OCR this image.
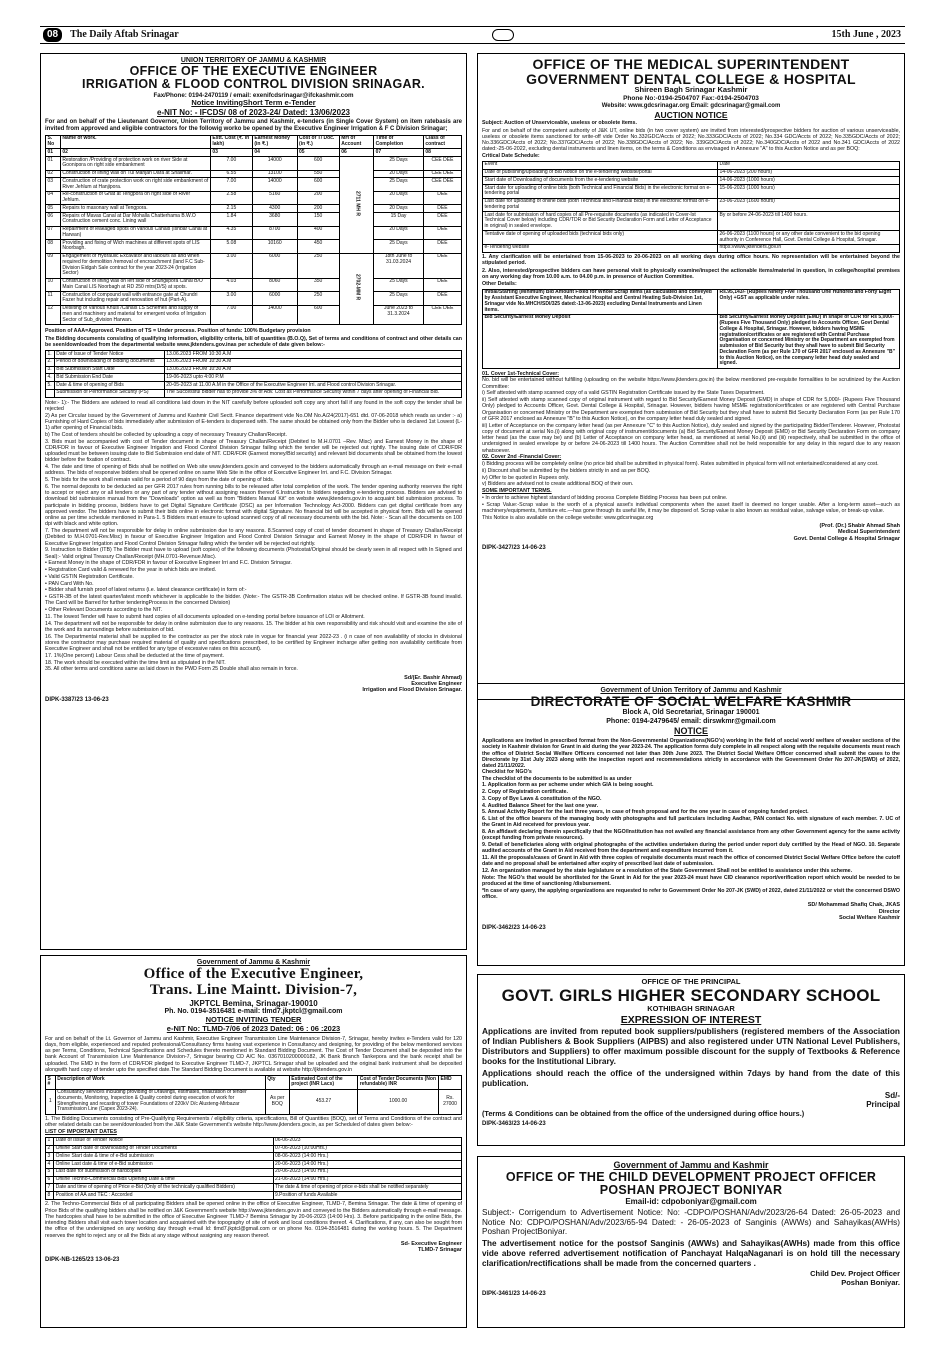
08	The Daily Aftab Srinagar	15th June , 2023
UNION TERRITORY OF JAMMU & KASHMIR
OFFICE OF THE EXECUTIVE ENGINEER
IRRIGATION & FLOOD CONTROL DIVISION SRINAGAR.
Fax/Phone: 0194-2470119 / email: exenifcdsrinagar@ifckashmir.com
Notice InvitingShort Term e-Tender
e-NIT No: - IFCDS/ 08 of 2023-24/ Dated: 13/06/2023
For and on behalf of the Lieutenant Governor, Union Territory of Jammu and Kashmir, e-tenders (in Single Cover System) on item ratebasis are invited from approved and eligible contractors for the followig worko be opened by the Executive Engineer Irrigation & F C Division Srinagar;
S. No	Name of work.	Estt. Cost (₹. in lakh)	Earnest Money (in ₹.)	Cost of T/ Doc. (in ₹.)	MH of Account	Time of Completion	Class of contract
01	02	03	04	05	06	07	08
01	Restoration /Providing of protection work on river Side at Goonipora on right side embankment	7.00	14000	600	2711 MH R	25 Days	CEE DEE
02	Construction of lining wall on Tul Manjan Dara at Shalimar.	6.55	13100	550		20 Days	CEE DEE
03	Construction of crate protection work on right side embankment of River Jehlum at Hanjipora.	7.00	14000	600		25 Days	CEE DEE
04	Re-construction of Ghat at Tengpora on right side of River Jehlum.	2.58	5160	200		20 Days	DEE
05	Repairs to masonary wall at Tengpora.	2.15	4300	200		20 Days	DEE
06	Repairs of Mavas Canal at Dar Mohalla Chatterhama B.W.O Construction cement conc. Lining wall	1.84	3680	150		15 Day	DEE
07	Repairment of leakaged spots on various Canals (Ishbar Canal at Harwan)	4.35	8700	400		20 Days	DEE
08	Providing and fixing of Wich machines at different spots of LIS Noorbagh.	5.08	10160	450		25 Days	DEE
09	Engagement of Hydraulic Excavator and labours as and when required for demolition /removal of encroachment (land F.C Sub-Division Eidgah Sale contract for the year 2023-24 (Irrigation Sector)	3.00	6000	250	2702-MM R	18th June to 31.03.2024	DEE
10	Construction of lining wall on left side of Shunglipora Canal B/O Main Canal LIS Noorbagh at RD 250 mtrs(D/S) at spots.	4.03	8060	350		25 Days	DEE
11	Construction of compound wall with entrance gate at Chundri Fazer hut including repair and renovation of hut (Part-A).	3.00	6000	250		25 Days	DEE
12	Desilting of Various Khuls /Canals LS Schemes and supply of men and machinery and material for emergent works of Irrigation Sector of Sub_division Harwan.	7.00	14000	600		June 2023 to 31.3.2024	CEE DEE
Position of AAA=Approved. Position of TS = Under process. Position of funds: 100% Budgetary provision
The Bidding documents consisting of qualifying information, eligibility criteria, bill of quantities (B.O.Q), Set of terms and conditions of contract and other details can be seen/downloaded from the departmental website www.jktenders.gov.inas per schedule of date given below:-
1.	Date of Issue of Tender Notice	13.06.2023 FROM 10:30 A.M
2.	Period of downloading of bidding documents	13.06.2023 FROM 10:30 A.M
3.	Bid Submission Start Date	13.06.2023 FROM 10:30 A.M
4.	Bid Submission End Date	19-06-2023 upto 4:00 P.M
5.	Date & time of opening of Bids	20-05-2023 at 11.00 A.M in the Office of the Executive Engineer Irri. and Flood control Division Srinagar.
	Submission of Performance Security (PS)	The Successful bidder has to provide 3% of Adv. Cost as Performance Security within 7 days after opening of Financial Bid.
Note:- 1):- The Bidders are advised to read all conditions laid down in the NIT carefully before uploaded soft copy any short fall if any found in the soft copy the tender shall be rejected
2) As per Circular issued by the Government of Jammu and Kashmir Civil Sectt. Finance department vide No.OM No.A/24(2017)-651 dtd. 07-06-2018 which reads as under :- a) Furnishing of Hard Copies of bids immediately after submission of E-tenders is dispensed with. The same should be obtained only from the Bidder who is declared 1st Lowest (L-1) after opening of Financial bids.
b) The Cost of tenders should be collected by uploading a copy of necessary Treasury Challan/Receipt.
3. Bids must be accompanied with cost of Tender document in shape of Treasury Challan/Receipt (Debited to M.H.0701 –Rev. Misc) and Earnest Money in the shape of CDR/FDR in favour of Executive Engineer Irrigation and Flood Control Division Srinagar failing which the tender will be rejected out rightly. The issuing date of CDR/FDR uploaded must be between issuing date to Bid Submission end date of NIT. CDR/FDR (Earnest money/Bid security) and relevant bid documents shall be obtained from the lowest bidder before the fixation of contract.
4. The date and time of opening of Bids shall be notified on Web site www.jktenders.gov.in and conveyed to the bidders automatically through an e-mail message on their e-mail address. The bids of responsive bidders shall be opened online on same Web Site in the office of Executive Engineer Irri. and F.C. Division Srinagar.
5. The bids for the work shall remain valid for a period of 90 days from the date of opening of bids.
6. The normal deposits to be deducted as per GFR 2017 rules from running bills to be released after total completion of the work. The tender opening authority reserves the right to accept or reject any or all tenders or any part of any tender without assigning reason thereof 6.Instruction to bidders regarding e-tendering process. Bidders are advised to download bid submission manual from the "Downloads" option as well as from "Bidders Manual Kit" on website www.jktenders.gov.in to acquaint bid submission process. To participate in bidding process, bidders have to get Digital Signature Certificate (DSC) as per Information Technology Act-2000. Bidders can get digital certificate from any approved vendor. The bidders have to submit their bids online in electronic format with digital Signature. No financial bid will be accepted in physical form. Bids will be opened online as per time schedule mentioned in Para-1. 5 Bidders must ensure to upload scanned copy of all necessary documents with the bid. Note: - Scan all the documents on 100 dpi with black and white option.
7. The department will not be responsible for delay in online submission due to any reasons. 8.Scanned copy of cost of tender document in shape of Treasury Challan/Receipt (Debited to M.H.0701-Rev.Misc) in favour of Executive Engineer Irrigation and Flood Control Division Srinagar and Earnest Money in the shape of CDR/FDR in favour of Executive Engineer Irrigation and Flood Control Division Srinagar failing which the tender will be rejected out rightly.
9. Instruction to Bidder (ITB) The Bidder must have to upload (soft copies) of the following documents (Photostat/Original should be clearly seen in all respect with In Signed and Seal):- Valid original Treasury Challan/Receipt (MH.0701-Revenue.Misc).
• Earnest Money in the shape of CDR/FDR in favour of Executive Engineer Irri and F.C. Division Srinagar.
• Registration Card valid & renewed for the year in which bids are invited.
• Valid GSTIN Registration Certificate.
• PAN Card With No.
• Bidder shall furnish proof of latest returns (i.e. latest clearance certificate) in form of:-
• GSTR-3B of the latest quarter/latest month whichever is applicable to the bidder. (Note:- The GSTR-3B Confirmation status will be checked online. If GSTR-3B found invalid. The Card will be Barred for further tenderingProcess in the concerned Division)
• Other Relevant Documents according to the NIT.
11. The lowest Tender will have to submit hard copies of all documents uploaded on e-tending portal before issuance of LOI or Allotment.
14. The department will not be responsible for delay in online submission due to any reasons. 15. The bidder at his own responsibility and risk should visit and examine the site of the work and its surroundings before submission of bid.
16. The Departmental material shall be supplied to the contractor as per the stock rate in vogue for financial year 2022-23 . (i n case of non availability of stocks in divisional stores the contractor may purchase required material of quality and specifications prescribed, to be certified by Engineer incharge after getting non availability certificate from Executive Engineer and shall not be entitled for any type of excessive rates on this account).
17. 1%(One percent) Labour Cess shall be deducted at the time of payment.
18. The work should be executed within the time limit as stipulated in the NIT.
35. All other terms and conditions same as laid down in the PWD Form 25 Double shall also remain in force.
Sd/(Er. Bashir Ahmad)
Executive Engineer
Irrigation and Flood Division Srinagar.
DIPK-3387/23 13-06-23
Government of Jammu & Kashmir
Office of the Executive Engineer,
Trans. Line Maintt. Division-7,
JKPTCL Bemina, Srinagar-190010
Ph. No. 0194-3516481 e-mail: tlmd7.jkptcl@gmail.com
NOTICE INVITING TENDER
e-NIT No: TLMD-7/06 of 2023 Dated: 06 : 06 :2023
For and on behalf of the Lt. Governor of Jammu and Kashmir, Executive Engineer Transmission Line Maintenance Division-7, Srinagar, hereby invites e-Tenders valid for 120 days, from eligible, experienced and reputed professional/Consultancy firms having vast experience in Consultancy and designing, for providing of the below mentioned services as per Terms, Conditions, Technical Specifications and Schedules thereto mentioned in Standard Bidding Document. The Cost of Tender Document shall be deposited into the bank Account of Transmission Line Maintenance Division-7, Srinagar bearing CD A/C No. 0367010200000182, JK Bank Branch Tankepora and the bank receipt shall be uploaded. The EMD in the form of CDR/FDR pledged to Executive Engineer TLMD-7, JKPTCL Srinagar shall be uploaded and the original bank instrument shall be deposited alongwith hard copy of tender upto the specified date.The Standard Bidding Document is available at website http://jktenders.gov.in
S #	Description of Work	Qty	Estimated Cost of the project (INR Lacs)	Cost of Tender Documents (Non refundable) INR	EMD
1	Consultancy services including providing of Drawings, estimates, finalization of tender documents, Monitoring, Inspection & Quality control during execution of work for Strengthening and recasting of tower Foundations of 220kV D/c Alusteng-Mirbazar Transmission Line (Capex 2023-24).	As per BOQ	453.27	1000.00	Rs. 27000
1. The Bidding Documents consisting of Pre-Qualifying Requirements / eligibility criteria, specifications, Bill of Quantities (BOQ), set of Terms and Conditions of the contract and other related details can be seen/downloaded from the J&K State Government's website http://www.jktenders.gov.in, as per Scheduled of dates given below:-
LIST OF IMPORTANT DATES
1	Date of Issue of Tender Notice	06-06-2023
2	Online Start date of downloading of Tender Documents	07-06-2023 (10:00Hrs.)
3	Online Start date & time of e-Bid submission	08-06-2023 (14:00 Hrs.)
4	Online Last date & time of e-Bid submission	20-06-2023 (14:00 Hrs.)
5	Last date for submission of hardcopies	20-06-2023 (14:00 Hrs.)
6	Online Techno-Commercial Bids Opening Date & time	21-06-2023 (14:00 Hrs.)
7	Date and time of opening of Price e-Bid (Only of the technically qualified Bidders)	The date & time of opening of price e-bids shall be notified separately
8	Position of AA and TEC : Accorded	9.Position of funds Available
2. The Techno-Commercial Bids of all participating Bidders shall be opened online in the office of Executive Engineer, TLMD-7, Bemina Srinagar. The date & time of opening of Price Bids of the qualifying bidders shall be notified on J&K Government's website http://www.jktenders.gov.in and conveyed to the Bidders automatically through e-mail message. The hardcopies shall have to be submitted in the office of Executive Engineer TLMD-7 Bemina Srinagar by 20-06-2023 (14:00 Hrs). 3. Before participating in the online Bids, the intending Bidders shall visit each tower location and acquainted with the topography of site of work and local conditions thereof. 4. Clarifications, if any, can also be sought from the office of the undersigned on any working day through e-mail Id: tlmd7.jkptcl@gmail.com or on phone No. 0194-3516481 during the working hours. 5. The Department reserves the right to reject any or all the Bids at any stage without assigning any reason thereof.
Sd- Executive Engineer
TLMD-7 Srinagar
DIPK-NB-1265/23 13-06-23
OFFICE OF THE MEDICAL SUPERINTENDENT
GOVERNMENT DENTAL COLLEGE & HOSPITAL
Shireen Bagh Srinagar Kashmir
Phone No:-0194-2504707 Fax:-0194-2504703
Website: www.gdcsrinagar.org Email: gdcsrinagar@gmail.com
AUCTION NOTICE
Subject: Auction of Unserviceable, useless or obsolete items.
For and on behalf of the competent authority of J&K UT, online bids (in two cover system) are invited from interested/prospective bidders for auction of various unserviceable, useless or obsolete items sanctioned for write-off vide Order No.332GDC/Accts of 2022; No.333GDC/Accts of 2022; No.334 GDC/Accts of 2022; No.335GDC/Accts of 2022; No.336GDC/Accts of 2022; No.337GDC/Accts of 2022; No.338GDC/Accts of 2022; No. 339GDC/Accts of 2022; No.340GDC/Accts of 2022 and No.341 GDC/Accts of 2022 dated:-25-06-2022, excluding dental instruments and linen items, on the terms & Conditions as envisaged in Annexure "A" to this Auction Notice and as per BOQ:
Critical Date Schedule:
Event	Date
Date of publishing/uploading of Bid Notice on the e-tendering website/portal	14-06-2023 (200 hours)
Start date of Downloading of documents from the e-tendering website	14-06-2023 (1000 hours)
Start date for uploading of online bids (both Technical and Financial Bids) in the electronic format on e-tendering portal	15-06-2023 (1000 hours)
Last date for uploading of online bids (both Technical and Financial Bids) in the electronic format on e-tendering portal	23-06-2023 (1600 hours)
Last date for submission of hard copies of all Pre-requisite documents (as indicated in Cover-Ist Technical Cover below) including CDR/TDR or Bid Security Declaration Form and Letter of Acceptance in original) in sealed envelope.	By or before 24-06-2023 till 1400 hours.
Tentative date of opening of uploaded bids (technical bids only)	26-06-2023 (1100 hours) or any other date convenient to the bid opening authority in Conference Hall, Govt. Dental College & Hospital, Srinagar.
e-Tendering website	https://www.jktenders.gov.in
1. Any clarification will be entertained from 15-06-2023 to 20-06-2023 on all working days during office hours. No representation will be entertained beyond the stipulated period.
2. Also, interested/prospective bidders can have personal visit to physically examine/inspect the actionable items/material in question, in college/hospital premises on any working day from 10.00 a.m. to 04.00 p.m. in presence of Auction Committee.
Other Details:
Initial/Starting (Minimum) Bid Amount Fixed for Whole Scrap items (as calculated and conveyed by Assistant Executive Engineer, Mechanical Hospital and Central Heating Sub-Division 1st, Srinagar vide No.MHCH/SDI/325 dated:-13-06-2023) excluding Dental Instruments and Linen items.	Rs.95,143/- (Rupees Ninety Five Thousand One Hundred and Forty Eight Only) +GST as applicable under rules.
Bid Security/Earnest Money Deposit	Bid Security/Earnest Money Deposit (EMD) in shape of CDR for Rs 5,000/- (Rupees Five Thousand Only) pledged to Accounts Officer, Govt Dental College & Hospital, Srinagar. However, bidders having MSME registration/certificates or are registered with Central Purchase Organisation or concerned Ministry or the Department are exempted from submission of Bid Security but they shall have to submit Bid Security Declaration Form (as per Rule 170 of GFR 2017 enclosed as Annexure "B" to this Auction Notice), on the company letter head duly sealed and signed.
01. Cover 1st-Technical Cover:
No. bid will be entertained without fulfilling (uploading on the website https://www.jktenders.gov.in) the below mentioned pre-requisite formalities to be scrutinized by the Auction Committee:
i) Self attested with stamp scanned copy of a valid GSTIN Registration Certificate issued by the State Taxes Department.
ii) Self attested with stamp scanned copy of original instrument with regard to Bid Security/Earnest Money Deposit (EMD) in shape of CDR for 5,000/- (Rupees Five Thousand Only) pledged to Accounts Officer, Govt. Dental College & Hospital, Srinagar. However, bidders having MSME registration/certificates or are registered with Central Purchase Organisation or concerned Ministry or the Department are exempted from submission of Bid Security but they shall have to submit Bid Security Declaration Form (as per Rule 170 of GFR 2017 enclosed as Annexure "B" to this Auction Notice), on the company letter head duly sealed and signed.
iii) Letter of Acceptance on the company letter head (as per Annexure "C" to this Auction Notice), duly sealed and signed by the participating Bidder/Tenderer. However, Photostat copy of document at serial No.(i) along with original copy of instrument/documents (a) Bid Security/Earnest Money Deposit (EMD) or Bid Security Declaration Form on company letter head (as the case may be) and (b) Letter of Acceptance on company letter head, as mentioned at serial No.(ii) and (iii) respectively, shall be submitted in the office of undersigned in sealed envelope by or before 24-06-2023 till 1400 hours. The Auction Committee shall not be held responsible for any delay in this regard due to any reason whatsoever.
02. Cover 2nd -Financial Cover:
i) Bidding process will be completely online (no price bid shall be submitted in physical form). Rates submitted in physical form will not entertained/considered at any cost.
ii) Discount shall be submitted by the bidders strictly in and as per BOQ.
iv) Offer to be quoted in Rupees only.
v) Bidders are advised not to create additional BOQ of their own.
SOME IMPORTANT TERMS.
• In order to achieve highest standard of bidding process Complete Bidding Process has been put online.
• Scrap Value:-Scrap value is the worth of a physical asset's individual components when the asset itself is deemed no longer usable. After a long-term asset—such as machinery/equipments, furniture etc.—has gone through its useful life, it may be disposed of. Scrap value is also known as residual value, salvage value, or break-up value.
This Notice is also available on the college website: www.gdcsrinagar.org
(Prof. (Dr.) Shabir Ahmad Shah
Medical Superintendent
Govt. Dental College & Hospital Srinagar
DIPK-3427/23 14-06-23
Government of Union Territory of Jammu and Kashmir
DIRECTORATE OF SOCIAL WELFARE KASHMIR
Block A, Old Secretariat, Srinagar 190001
Phone: 0194-2479645/ email: dirswkmr@gmail.com
NOTICE
Applications are invited in prescribed format from the Non-Governmental Organizations(NGO's) working in the field of social work/ welfare of weaker sections of the society in Kashmir division for Grant in aid during the year 2023-24. The application forms duly complete in all respect along with the requisite documents must reach the office of District Social Welfare Officers concerned not later than 30th June 2023. The District Social Welfare Officer concerned shall submit the cases to the Directorate by 31st July 2023 along with the inspection report and recommendations strictly in accordance with the Government Order No 207-JK(SWD) of 2022, dated 21/11/2022.
Checklist for NGO's
The checklist of the documents to be submitted is as under
1. Application form as per scheme under which GIA is being sought.
2. Copy of Registration certificate.
3. Copy of Bye Laws & constitution of the NGO.
4. Audited Balance Sheet for the last one year.
5. Annual Activity Report for the last three years, in case of fresh proposal and for the one year in case of ongoing funded project.
6. List of the office bearers of the managing body with photographs and full particulars including Aadhar, PAN contact No. with signature of each member. 7. UC of the Grant in Aid received for previous year.
8. An affidavit declaring therein specifically that the NGO/Institution has not availed any financial assistance from any other Government agency for the same activity (except funding from private resources).
9. Detail of beneficiaries along with original photographs of the activities undertaken during the period under report duly certified by the Head of NGO. 10. Separate audited accounts of the Grant in Aid received from the department and expenditure incurred from it.
11. All the proposals/cases of Grant in Aid with three copies of requisite documents must reach the office of concerned District Social Welfare Office before the cutoff date and no proposal shall be entertained after expiry of prescribed last date of submission.
12. An organization managed by the state legislature or a resolution of the State Government Shall not be entitled to assistance under this scheme.
Note: The NGO's that would be shortlisted for the Grant in Aid for the year 2023-24 must have CID clearance report/verification report which would be needed to be produced at the time of sanctioning /disbursement.
*In case of any query, the applying organizations are requested to refer to Government Order No 207-JK (SWD) of 2022, dated 21/11/2022 or visit the concerned DSWO office.
SD/ Mohammad Shafiq Chak, JKAS
Director
Social Welfare Kashmir
DIPK-3462/23 14-06-23
OFFICE OF THE PRINCIPAL
GOVT. GIRLS HIGHER SECONDARY SCHOOL
KOTHIBAGH SRINAGAR
EXPRESSION OF INTEREST
Applications are invited from reputed book suppliers/publishers (registered members of the Association of Indian Publishers & Book Suppliers (AIPBS) and also registered under UTN National Level Publishers, Distributors and Suppliers) to offer maximum possible discount for the supply of Textbooks & Reference books for the Institutional Library.
Applications should reach the office of the undersigned within 7days by hand from the date of this publication.
Sd/-
Principal
(Terms & Conditions can be obtained from the office of the undersigned during office hours.)
DIPK-3463/23 14-06-23
Government of Jammu and Kashmir
OFFICE OF THE CHILD DEVELOPMENT PROJECT OFFICER
POSHAN PROJECT BONIYAR
Email-id: cdpoboniyar@gmail.com
Subject:- Corrigendum to Advertisement Notice: No: -CDPO/POSHAN/Adv/2023/26-64 Dated: 26-05-2023 and Notice No: CDPO/POSHAN/Adv/2023/65-94 Dated: - 26-05-2023 of Sanginis (AWWs) and Sahayikas(AWHs) Poshan ProjectBoniyar.
The advertisement notice for the postsof Sanginis (AWWs) and Sahayikas(AWHs) made from this office vide above referred advertisement notification of Panchayat HalqaNaganari is on hold till the necessary clarification/rectifications shall be made from the concerned quarters .
Child Dev. Project Officer
Poshan Boniyar.
DIPK-3461/23 14-06-23
